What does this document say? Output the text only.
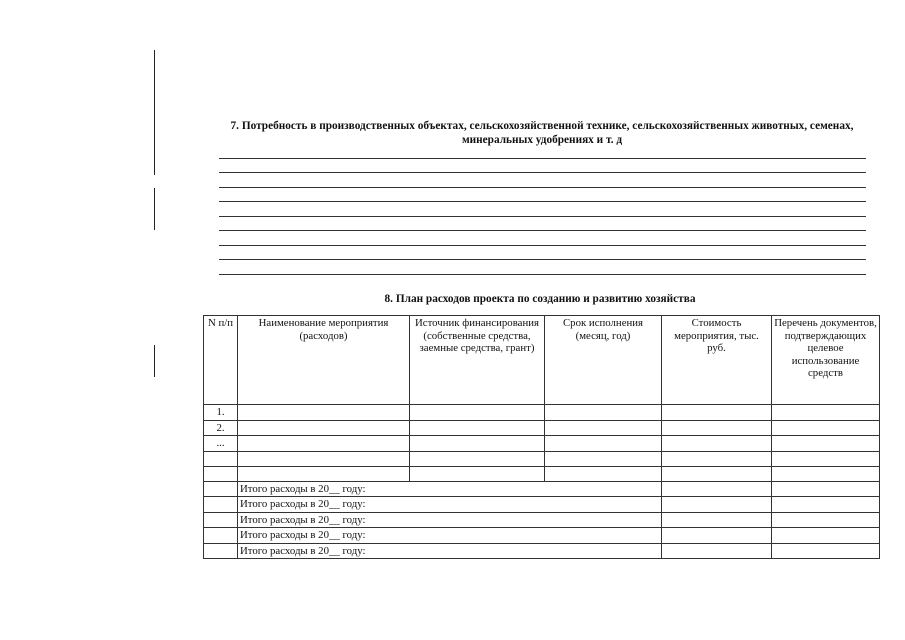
7. Потребность в производственных объектах, сельскохозяйственной технике, сельскохозяйственных животных, семенах, минеральных удобрениях и т. д
8. План расходов проекта по созданию и развитию хозяйства
N п/п	Наименование мероприятия (расходов)	Источник финансирования (собственные средства, заемные средства, грант)	Срок исполнения (месяц, год)	Стоимость мероприятия, тыс. руб.	Перечень документов, подтверждающих целевое использование средств
1.					
2.					
...					

	Итого расходы в 20__ году:				
	Итого расходы в 20__ году:				
	Итого расходы в 20__ году:				
	Итого расходы в 20__ году:				
	Итого расходы в 20__ году:				
